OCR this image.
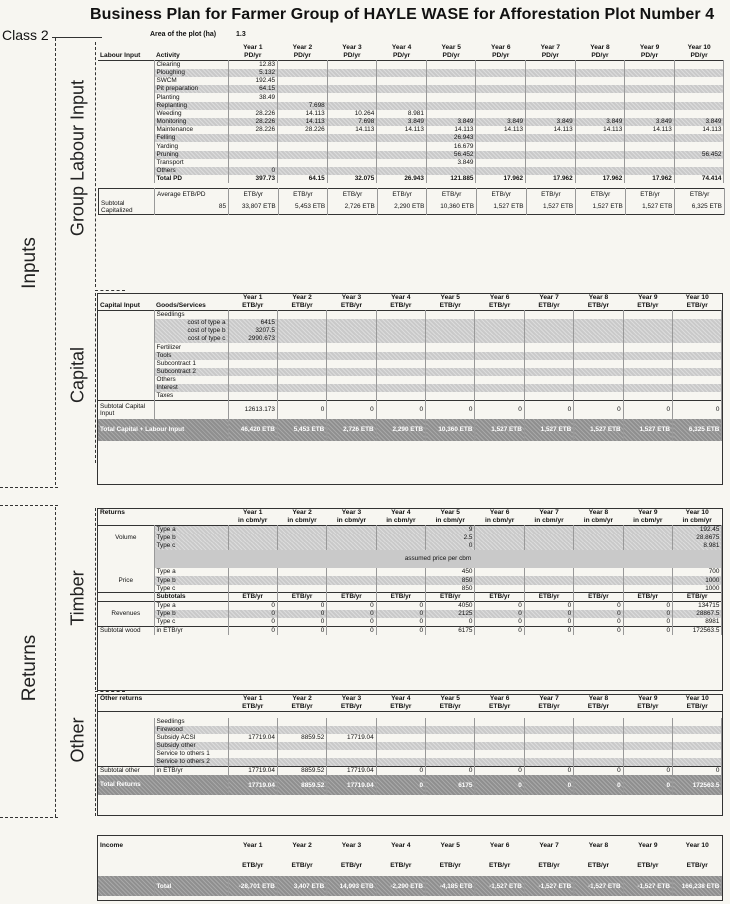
Business Plan for Farmer Group of HAYLE WASE for Afforestation Plot Number 4
Class 2	Area of the plot (ha)	1.3
Inputs
Returns
Group Labour Input
Capital
Timber
Other
		Year 1	Year 2	Year 3	Year 4	Year 5	Year 6	Year 7	Year 8	Year 9	Year 10
Labour Input	Activity	PD/yr	PD/yr	PD/yr	PD/yr	PD/yr	PD/yr	PD/yr	PD/yr	PD/yr	PD/yr
	Clearing	12.83									
	Ploughing	5.132									
	SWCM	192.45									
	Pit preparation	64.15									
	Planting	38.49									
	Replanting		7.698								
	Weeding	28.226	14.113	10.264	8.981						
	Monitoring	28.226	14.113	7.698	3.849	3.849	3.849	3.849	3.849	3.849	3.849
	Maintenance	28.226	28.226	14.113	14.113	14.113	14.113	14.113	14.113	14.113	14.113
	Felling					26.943					
	Yarding					16.679					
	Pruning					56.452					56.452
	Transport					3.849					
	Others	0									
	Total PD	397.73	64.15	32.075	26.943	121.885	17.962	17.962	17.962	17.962	74.414
	Average ETB/PD	ETB/yr	ETB/yr	ETB/yr	ETB/yr	ETB/yr	ETB/yr	ETB/yr	ETB/yr	ETB/yr	ETB/yr
Subtotal Capitalized	85	33,807 ETB	5,453 ETB	2,726 ETB	2,290 ETB	10,360 ETB	1,527 ETB	1,527 ETB	1,527 ETB	1,527 ETB	6,325 ETB
		Year 1	Year 2	Year 3	Year 4	Year 5	Year 6	Year 7	Year 8	Year 9	Year 10
Capital Input	Goods/Services	ETB/yr	ETB/yr	ETB/yr	ETB/yr	ETB/yr	ETB/yr	ETB/yr	ETB/yr	ETB/yr	ETB/yr
	Seedlings										
	cost of type a	6415									
	cost of type b	3207.5									
	cost of type c	2990.673									
	Fertilizer										
	Tools										
	Subcontract 1										
	Subcontract 2										
	Others										
	Interest										
	Taxes										
Subtotal Capital Input		12613.173	0	0	0	0	0	0	0	0	0
Total Capital + Labour Input		46,420 ETB	5,453 ETB	2,726 ETB	2,290 ETB	10,360 ETB	1,527 ETB	1,527 ETB	1,527 ETB	1,527 ETB	6,325 ETB
Returns		Year 1	Year 2	Year 3	Year 4	Year 5	Year 6	Year 7	Year 8	Year 9	Year 10
		in cbm/yr	in cbm/yr	in cbm/yr	in cbm/yr	in cbm/yr	in cbm/yr	in cbm/yr	in cbm/yr	in cbm/yr	in cbm/yr
	Type a					9					192.45
Volume	Type b					2.5					28.8675
	Type c					0					8.981
	assumed price per cbm										
	Type a					450					700
Price	Type b					850					1000
	Type c					850					1000
	Subtotals	ETB/yr	ETB/yr	ETB/yr	ETB/yr	ETB/yr	ETB/yr	ETB/yr	ETB/yr	ETB/yr	ETB/yr
	Type a	0	0	0	0	4050	0	0	0	0	134715
Revenues	Type b	0	0	0	0	2125	0	0	0	0	28867.5
	Type c	0	0	0	0	0	0	0	0	0	8981
Subtotal wood	in ETB/yr	0	0	0	0	6175	0	0	0	0	172563.5
Other returns		Year 1	Year 2	Year 3	Year 4	Year 5	Year 6	Year 7	Year 8	Year 9	Year 10
		ETB/yr	ETB/yr	ETB/yr	ETB/yr	ETB/yr	ETB/yr	ETB/yr	ETB/yr	ETB/yr	ETB/yr

	Seedlings										
	Firewood										
	Subsidy ACSI	17719.04	8859.52	17719.04							
	Subsidy other										
	Service to others 1										
	Service to others 2										
Subtotal other	in ETB/yr	17719.04	8859.52	17719.04	0	0	0	0	0	0	0
Total Returns		17719.04	8859.52	17719.04	0	6175	0	0	0	0	172563.5
Income		Year 1	Year 2	Year 3	Year 4	Year 5	Year 6	Year 7	Year 8	Year 9	Year 10
		ETB/yr	ETB/yr	ETB/yr	ETB/yr	ETB/yr	ETB/yr	ETB/yr	ETB/yr	ETB/yr	ETB/yr
	Total	-28,701 ETB	3,407 ETB	14,993 ETB	-2,290 ETB	-4,185 ETB	-1,527 ETB	-1,527 ETB	-1,527 ETB	-1,527 ETB	166,238 ETB
